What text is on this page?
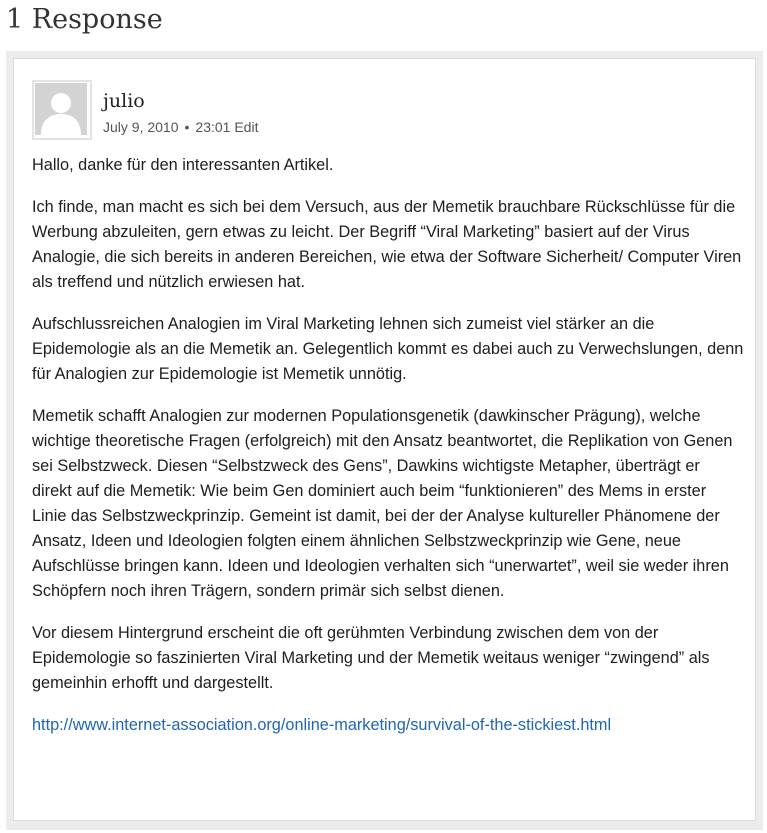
1 Response
julio
July 9, 2010 • 23:01 Edit

Hallo, danke für den interessanten Artikel.

Ich finde, man macht es sich bei dem Versuch, aus der Memetik brauchbare Rückschlüsse für die Werbung abzuleiten, gern etwas zu leicht. Der Begriff “Viral Marketing” basiert auf der Virus Analogie, die sich bereits in anderen Bereichen, wie etwa der Software Sicherheit/ Computer Viren als treffend und nützlich erwiesen hat.

Aufschlussreichen Analogien im Viral Marketing lehnen sich zumeist viel stärker an die Epidemologie als an die Memetik an. Gelegentlich kommt es dabei auch zu Verwechslungen, denn für Analogien zur Epidemologie ist Memetik unnötig.

Memetik schafft Analogien zur modernen Populationsgenetik (dawkinscher Prägung), welche wichtige theoretische Fragen (erfolgreich) mit den Ansatz beantwortet, die Replikation von Genen sei Selbstzweck. Diesen “Selbstzweck des Gens”, Dawkins wichtigste Metapher, überträgt er direkt auf die Memetik: Wie beim Gen dominiert auch beim “funktionieren” des Mems in erster Linie das Selbstzweckprinzip. Gemeint ist damit, bei der der Analyse kultureller Phänomene der Ansatz, Ideen und Ideologien folgten einem ähnlichen Selbstzweckprinzip wie Gene, neue Aufschlüsse bringen kann. Ideen und Ideologien verhalten sich “unerwartet”, weil sie weder ihren Schöpfern noch ihren Trägern, sondern primär sich selbst dienen.

Vor diesem Hintergrund erscheint die oft gerühmten Verbindung zwischen dem von der Epidemologie so faszinierten Viral Marketing und der Memetik weitaus weniger “zwingend” als gemeinhin erhofft und dargestellt.

http://www.internet-association.org/online-marketing/survival-of-the-stickiest.html
